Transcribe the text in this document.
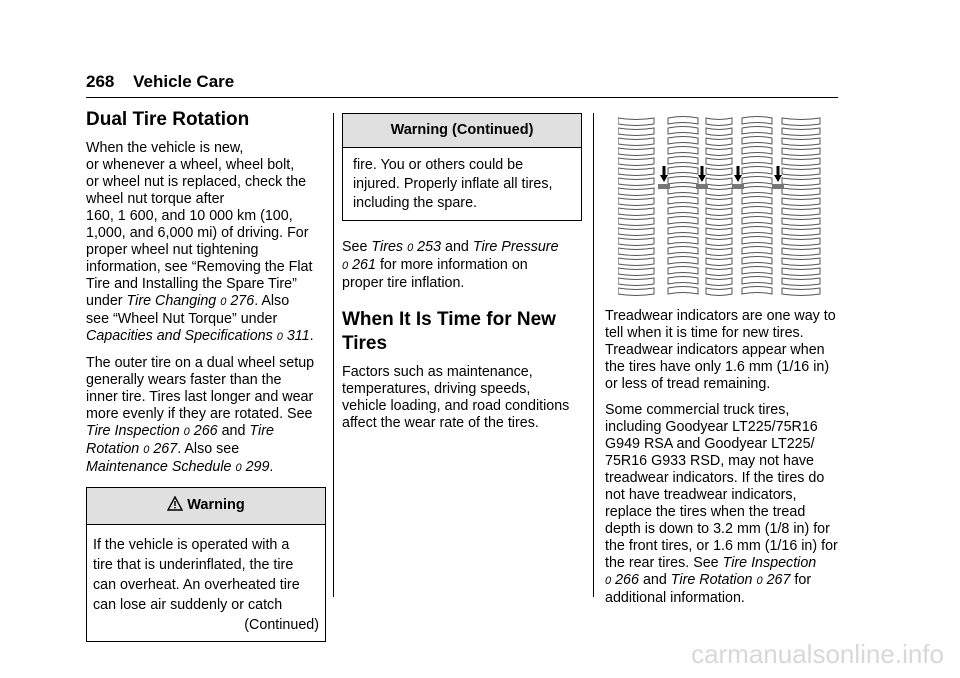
268 Vehicle Care
Dual Tire Rotation

When the vehicle is new,
or whenever a wheel, wheel bolt,
or wheel nut is replaced, check the
wheel nut torque after
160, 1 600, and 10 000 km (100,
1,000, and 6,000 mi) of driving. For
proper wheel nut tightening
information, see “Removing the Flat
Tire and Installing the Spare Tire”
under Tire Changing 0 276. Also
see “Wheel Nut Torque” under
Capacities and Specifications 0 311.

The outer tire on a dual wheel setup
generally wears faster than the
inner tire. Tires last longer and wear
more evenly if they are rotated. See
Tire Inspection 0 266 and Tire
Rotation 0 267. Also see
Maintenance Schedule 0 299.

Warning
If the vehicle is operated with a
tire that is underinflated, the tire
can overheat. An overheated tire
can lose air suddenly or catch
(Continued)
Warning (Continued)
fire. You or others could be
injured. Properly inflate all tires,
including the spare.

See Tires 0 253 and Tire Pressure
0 261 for more information on
proper tire inflation.

When It Is Time for New Tires

Factors such as maintenance,
temperatures, driving speeds,
vehicle loading, and road conditions
affect the wear rate of the tires.

Treadwear indicators are one way to
tell when it is time for new tires.
Treadwear indicators appear when
the tires have only 1.6 mm (1/16 in)
or less of tread remaining.

Some commercial truck tires,
including Goodyear LT225/75R16
G949 RSA and Goodyear LT225/
75R16 G933 RSD, may not have
treadwear indicators. If the tires do
not have treadwear indicators,
replace the tires when the tread
depth is down to 3.2 mm (1/8 in) for
the front tires, or 1.6 mm (1/16 in) for
the rear tires. See Tire Inspection
0 266 and Tire Rotation 0 267 for
additional information.

carmanualsonline.info
